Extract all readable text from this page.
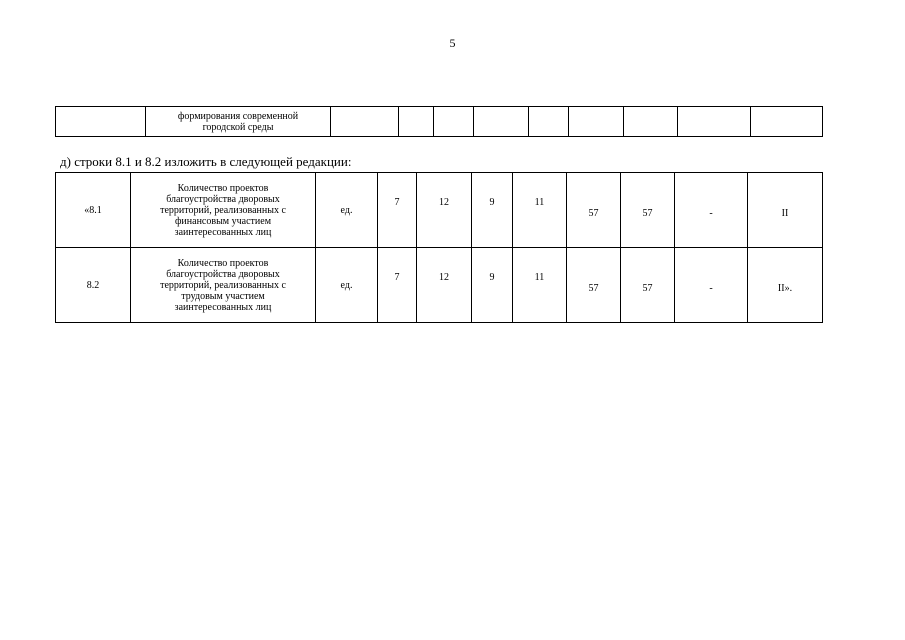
5

формирования современной
городской среды

д) строки 8.1 и 8.2 изложить в следующей редакции:
«8.1	Количество проектов
благоустройства дворовых
территорий, реализованных с
финансовым участием
заинтересованных лиц	ед.	7	12	9	11	57	57	-	II
8.2	Количество проектов
благоустройства дворовых
территорий, реализованных с
трудовым участием
заинтересованных лиц	ед.	7	12	9	11	57	57	-	II».
